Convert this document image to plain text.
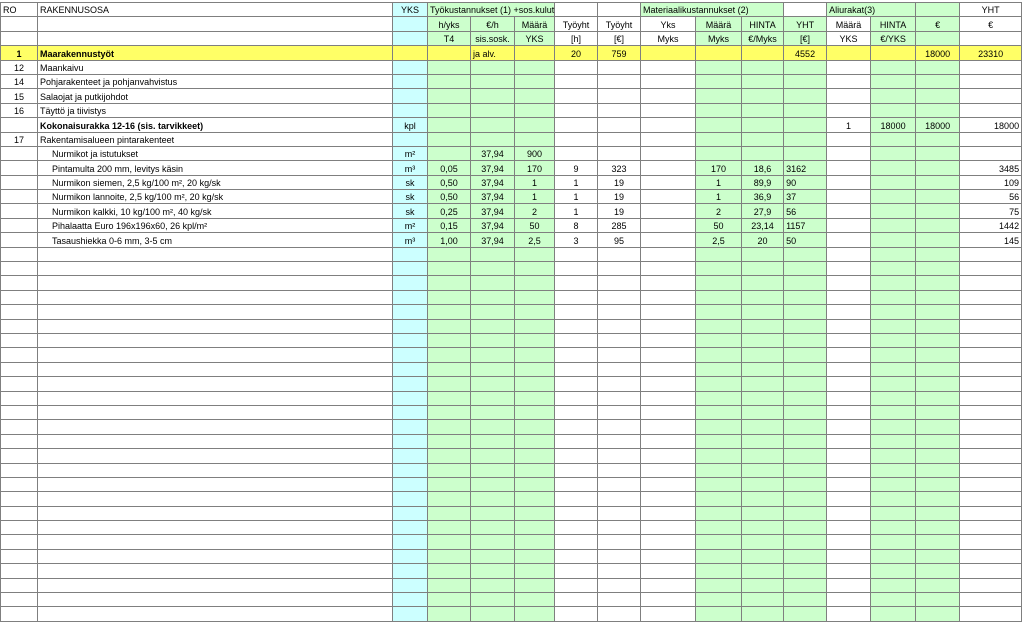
RO	RAKENNUSOSA	YKS	Työkustannukset (1) +sos.kulut					Materiaalikustannukset (2)				Aliurakat(3)			YHT
			h/yks	€/h	Määrä	Työyht	Työyht	Yks	Määrä	HINTA	YHT	Määrä	HINTA	€	€
			T4	sis.sosk.	YKS	[h]	[€]	Myks	Myks	€/Myks	[€]	YKS	€/YKS		
1	Maarakennustyöt			ja alv.		20	759				4552			18000	23310
12	Maankaivu														
14	Pohjarakenteet ja pohjanvahvistus														
15	Salaojat ja putkijohdot														
16	Täyttö ja tiivistys														
	Kokonaisurakka 12-16 (sis. tarvikkeet)	kpl										1	18000	18000	18000
17	Rakentamisalueen pintarakenteet														
	Nurmikot ja istutukset	m²		37,94	900										
	Pintamulta 200 mm, levitys käsin	m³	0,05	37,94	170	9	323		170	18,6	3162				3485
	Nurmikon siemen, 2,5 kg/100 m², 20 kg/sk	sk	0,50	37,94	1	1	19		1	89,9	90				109
	Nurmikon lannoite, 2,5 kg/100 m², 20 kg/sk	sk	0,50	37,94	1	1	19		1	36,9	37				56
	Nurmikon kalkki, 10 kg/100 m², 40 kg/sk	sk	0,25	37,94	2	1	19		2	27,9	56				75
	Pihalaatta Euro 196x196x60, 26 kpl/m²	m²	0,15	37,94	50	8	285		50	23,14	1157				1442
	Tasaushiekka 0-6 mm, 3-5 cm	m³	1,00	37,94	2,5	3	95		2,5	20	50				145
